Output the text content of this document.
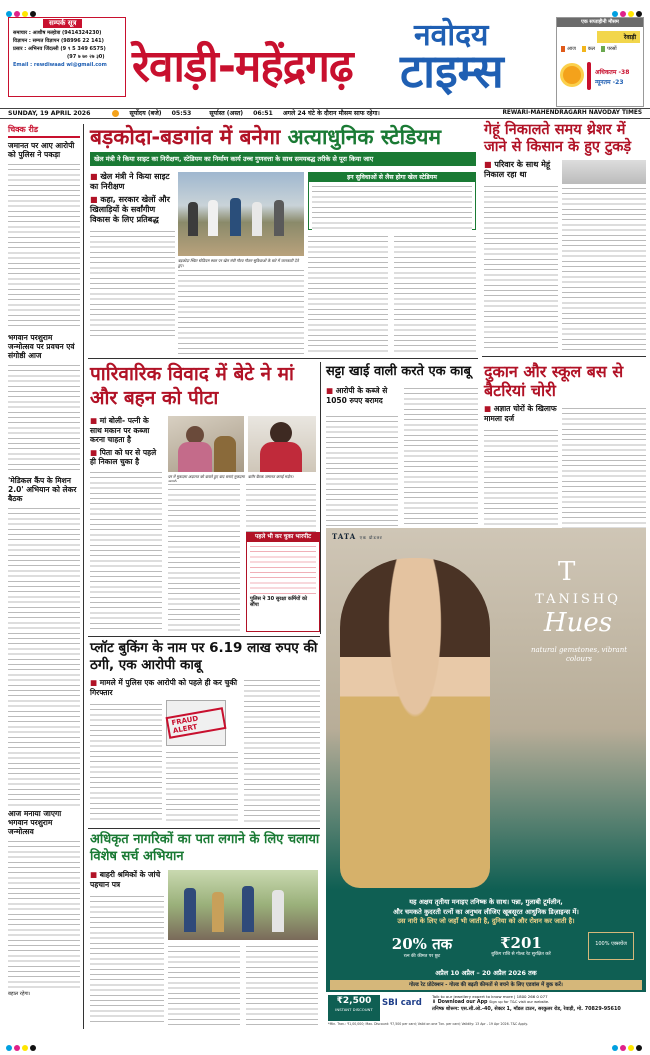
सम्पर्क सूत्र
समाचार : आशीष मल्होत्रा (9414324230)
विज्ञापन : सम्पत विज्ञापन (98996 22 141)
प्रसार : अभिनव जिंदल्ली (9 ९ 5 349 6575)
(97 ७ ७० २७ ३0)
Email : rewdiwaad wi@gmail.com
नवोदय
रेवाड़ी-महेंद्रगढ़ टाइम्स
एक सप्ताहीनी मौसम
रेवाड़ी
आज	कल	परसों
अधिकतम -38
न्यूनतम -23
SUNDAY, 19 APRIL 2026	सूर्योदय (बजे) 05:53	सूर्यास्त (अस्त) 06:51 अगले 24 घंटे के दौरान मौसम साफ रहेगा।	REWARI-MAHENDRAGARH NAVODAY TIMES
चिक्क रीड
जमानत पर आए आरोपी को पुलिस ने पकड़ा
भगवान परशुराम जन्मोत्सव पर प्रवचन एवं संगोष्ठी आज
'मेडिकल कैंप के मिशन 2.0' अभियान को लेकर बैठक
आज मनाया जाएगा भगवान परशुराम जन्मोत्सव
बहाल रहेगा।
बड़कोदा-बडगांव में बनेगा अत्याधुनिक स्टेडियम
खेल मंत्री ने किया साइट का निरीक्षण, स्टेडियम का निर्माण कार्य उच्च गुणवत्ता के साथ समयबद्ध तरीके से पूरा किया जाए
■ खेल मंत्री ने किया साइट का निरीक्षण
■ कहा, सरकार खेलों और खिलाड़ियों के सर्वांगीण विकास के लिए प्रतिबद्ध
बड़कोदा स्थित स्टेडियम स्थल पर खेल मंत्री गौरव गौतम सुविधाओं के बारे में जानकारी देते हुए।
इन सुविधाओं से लैस होगा खेल स्टेडियम
पारिवारिक विवाद में बेटे ने मां और बहन को पीटा
■ मां बोली- पत्नी के साथ मकान पर कब्जा करना चाहता है
■ पिता को घर से पहले ही निकाल चुका है
घर में मुकदमा अदालत को बताते हुए बाद बनाएं मुकदमा बतौर बैठक जमानत कराई मदोन।
सट्टा खाई वाली करते एक काबू
■ आरोपी के कब्जे से 1050 रुपए बरामद
गेहूं निकालते समय थ्रेशर में जाने से किसान के हुए टुकड़े
■ परिवार के साथ मेहूं निकाल रहा था
दुकान और स्कूल बस से बैटरियां चोरी
■ अज्ञात चोरों के खिलाफ मामला दर्ज
प्लॉट बुकिंग के नाम पर 6.19 लाख रुपए की ठगी, एक आरोपी काबू
■ मामले में पुलिस एक आरोपी को पहले ही कर चुकी गिरफ्तार
FRAUD ALERT
अधिकृत नागरिकों का पता लगाने के लिए चलाया विशेष सर्च अभियान
■ बाहरी श्रमिकों के जांचे पहचान पत्र
पहले भी कर चुका भारपीट
पुलिस ने 30 सुरक्षा कर्मियों को सौंपा
TATA एक प्रोडक्ट
T
TANISHQ
Hues
natural gemstones, vibrant colours
यह अक्षय तृतीया मनाइए तनिष्क के साथ। पन्ना, गुलाबी टूर्मलीन,
और चमकते कुदरती रत्नों का अनुभव लीजिए खूबसूरत आधुनिक डिज़ाइन्स में।
उस नारी के लिए जो जहाँ भी जाती है, दुनिया को और रोशन कर जाती है।
20% तक
रत्न की कीमत पर छूट
₹201
बुकिंग राशि से गोल्ड रेट सुरक्षित करें
100% एक्सचेंज
अप्रैल 10 अप्रैल – 20 अप्रैल 2026 तक
गोल्ड रेट प्रोटेक्शन - गोल्ड की बढ़ती कीमतों से बचने के लिए एडवांस में बुक करें।
₹2,500
INSTANT DISCOUNT
SBI card
Talk to our jewellery expert to know more | 1800 266 0 077
⬇ Download our App Sign up for T&C visit our website.
तनिष्क शोरूम: एस.सी.ओ.-40, सेक्टर 1, मॉडल टाउन, सरकुलर रोड, रेवाड़ी, मो. 70829-95610
*Min. Tran.: ₹1,00,000; Max. Discount: ₹7,500 per card; Valid on one Txn. per card; Validity: 13 Apr - 19 Apr 2026. T&C Apply.
